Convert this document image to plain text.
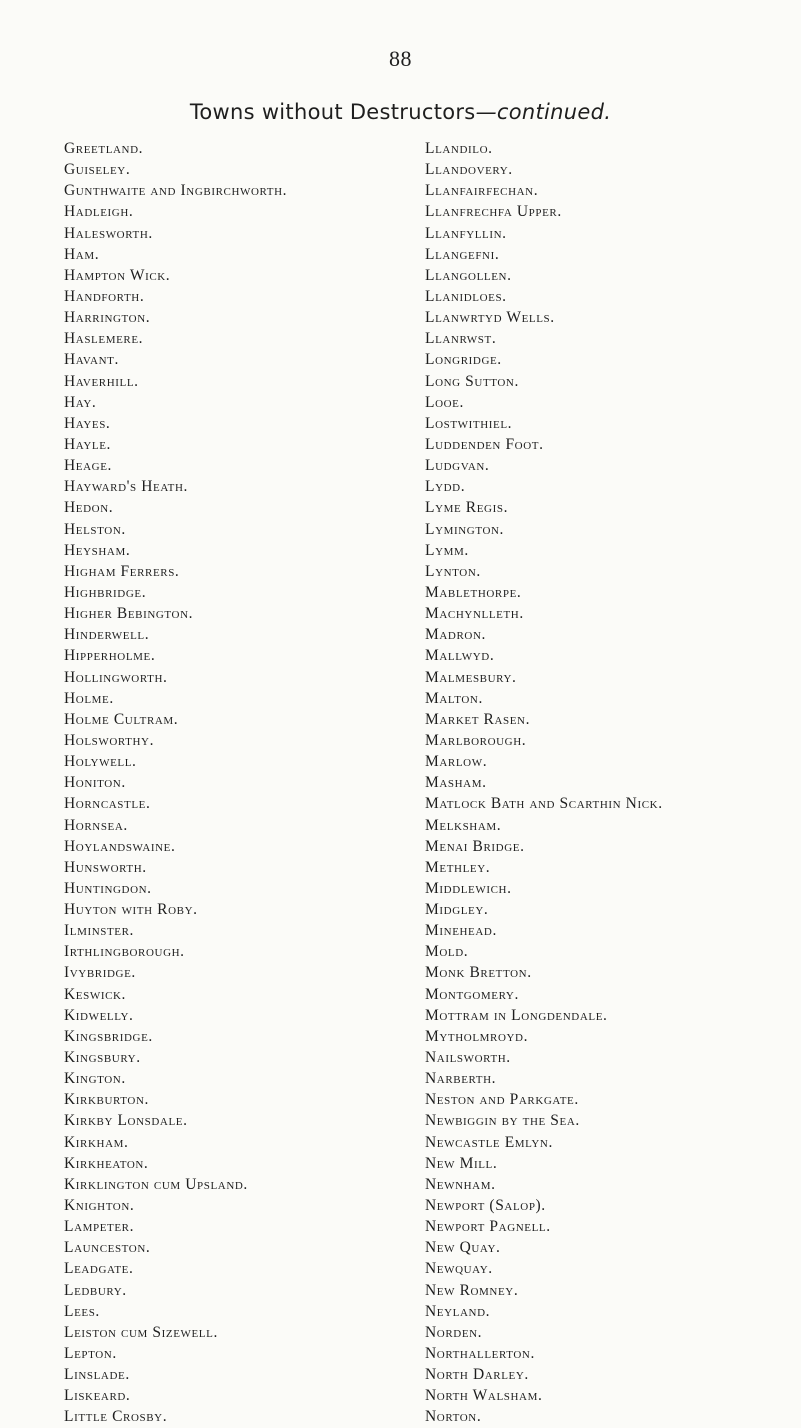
88
Towns without Destructors—continued.
Greetland.
Guiseley.
Gunthwaite and Ingbirchworth.
Hadleigh.
Halesworth.
Ham.
Hampton Wick.
Handforth.
Harrington.
Haslemere.
Havant.
Haverhill.
Hay.
Hayes.
Hayle.
Heage.
Hayward's Heath.
Hedon.
Helston.
Heysham.
Higham Ferrers.
Highbridge.
Higher Bebington.
Hinderwell.
Hipperholme.
Hollingworth.
Holme.
Holme Cultram.
Holsworthy.
Holywell.
Honiton.
Horncastle.
Hornsea.
Hoylandswaine.
Hunsworth.
Huntingdon.
Huyton with Roby.
Ilminster.
Irthlingborough.
Ivybridge.
Keswick.
Kidwelly.
Kingsbridge.
Kingsbury.
Kington.
Kirkburton.
Kirkby Lonsdale.
Kirkham.
Kirkheaton.
Kirklington cum Upsland.
Knighton.
Lampeter.
Launceston.
Leadgate.
Ledbury.
Lees.
Leiston cum Sizewell.
Lepton.
Linslade.
Liskeard.
Little Crosby.
Llandilo.
Llandovery.
Llanfairfechan.
Llanfrechfa Upper.
Llanfyllin.
Llangefni.
Llangollen.
Llanidloes.
Llanwrtyd Wells.
Llanrwst.
Longridge.
Long Sutton.
Looe.
Lostwithiel.
Luddenden Foot.
Ludgvan.
Lydd.
Lyme Regis.
Lymington.
Lymm.
Lynton.
Mablethorpe.
Machynlleth.
Madron.
Mallwyd.
Malmesbury.
Malton.
Market Rasen.
Marlborough.
Marlow.
Masham.
Matlock Bath and Scarthin Nick.
Melksham.
Menai Bridge.
Methley.
Middlewich.
Midgley.
Minehead.
Mold.
Monk Bretton.
Montgomery.
Mottram in Longdendale.
Mytholmroyd.
Nailsworth.
Narberth.
Neston and Parkgate.
Newbiggin by the Sea.
Newcastle Emlyn.
New Mill.
Newnham.
Newport (Salop).
Newport Pagnell.
New Quay.
Newquay.
New Romney.
Neyland.
Norden.
Northallerton.
North Darley.
North Walsham.
Norton.
